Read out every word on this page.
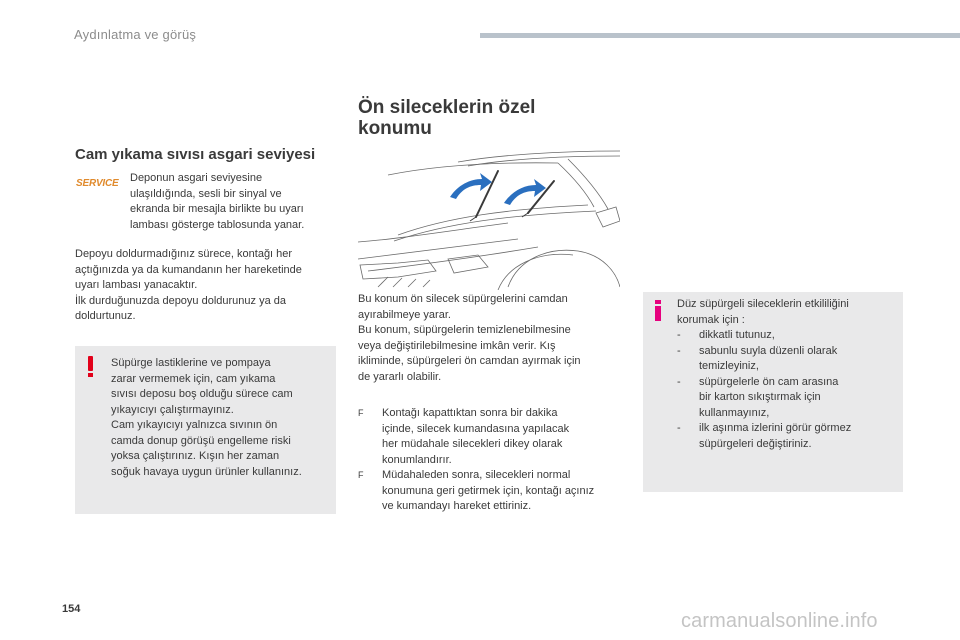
Aydınlatma ve görüş
Cam yıkama sıvısı asgari seviyesi
SERVICE Deponun asgari seviyesine
ulaşıldığında, sesli bir sinyal ve
ekranda bir mesajla birlikte bu uyarı
lambası gösterge tablosunda yanar.
Depoyu doldurmadığınız sürece, kontağı her
açtığınızda ya da kumandanın her hareketinde
uyarı lambası yanacaktır.
İlk durduğunuzda depoyu doldurunuz ya da
doldurtunuz.
Süpürge lastiklerine ve pompaya
zarar vermemek için, cam yıkama
sıvısı deposu boş olduğu sürece cam
yıkayıcıyı çalıştırmayınız.
Cam yıkayıcıyı yalnızca sıvının ön
camda donup görüşü engelleme riski
yoksa çalıştırınız. Kışın her zaman
soğuk havaya uygun ürünler kullanınız.
Ön sileceklerin özel
konumu
Bu konum ön silecek süpürgelerini camdan
ayırabilmeye yarar.
Bu konum, süpürgelerin temizlenebilmesine
veya değiştirilebilmesine imkân verir. Kış
ikliminde, süpürgeleri ön camdan ayırmak için
de yararlı olabilir.
F Kontağı kapattıktan sonra bir dakika
içinde, silecek kumandasına yapılacak
her müdahale silecekleri dikey olarak
konumlandırır.
F Müdahaleden sonra, silecekleri normal
konumuna geri getirmek için, kontağı açınız
ve kumandayı hareket ettiriniz.
Düz süpürgeli sileceklerin etkililiğini
korumak için :
- dikkatli tutunuz,
- sabunlu suyla düzenli olarak
temizleyiniz,
- süpürgelerle ön cam arasına
bir karton sıkıştırmak için
kullanmayınız,
- ilk aşınma izlerini görür görmez
süpürgeleri değiştiriniz.
154
carmanualsonline.info
